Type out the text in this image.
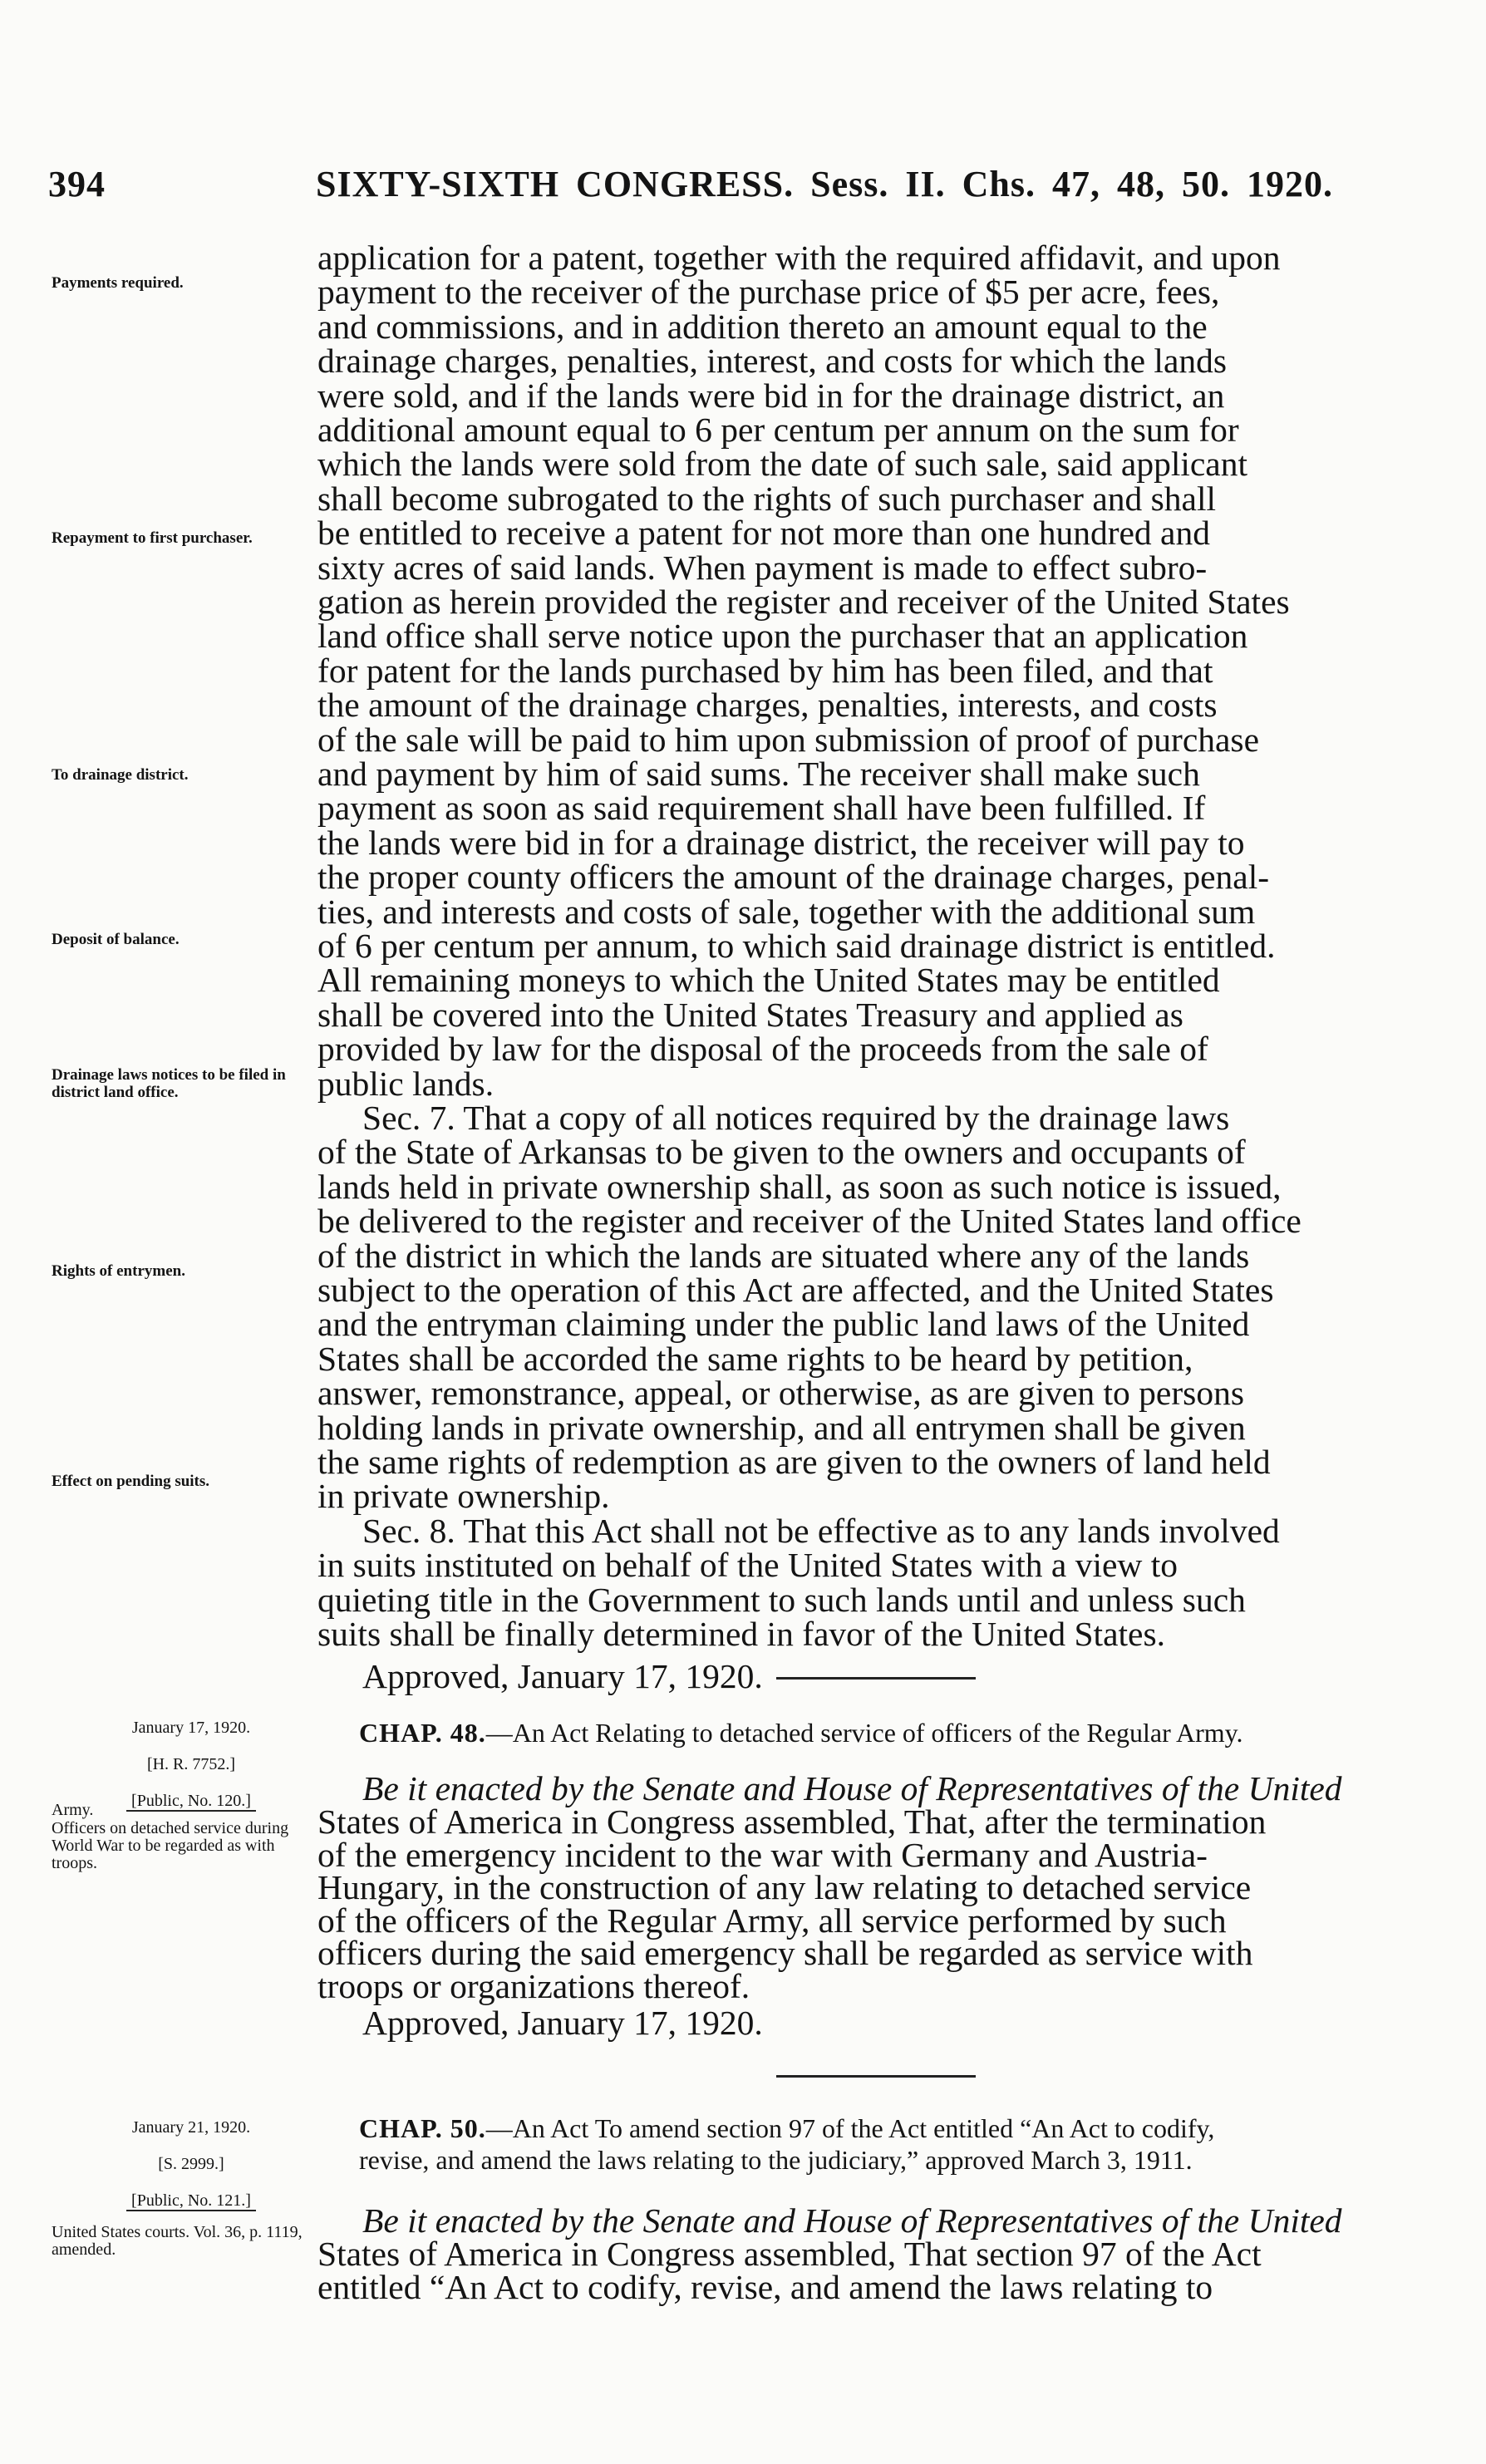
394	SIXTY-SIXTH CONGRESS. Sess. II. Chs. 47, 48, 50. 1920.
Payments required.
Repayment to first purchaser.
To drainage district.
Deposit of balance.
Drainage laws notices to be filed in district land office.
Rights of entrymen.
Effect on pending suits.
application for a patent, together with the required affidavit, and upon
payment to the receiver of the purchase price of $5 per acre, fees,
and commissions, and in addition thereto an amount equal to the
drainage charges, penalties, interest, and costs for which the lands
were sold, and if the lands were bid in for the drainage district, an
additional amount equal to 6 per centum per annum on the sum for
which the lands were sold from the date of such sale, said applicant
shall become subrogated to the rights of such purchaser and shall
be entitled to receive a patent for not more than one hundred and
sixty acres of said lands. When payment is made to effect subro-
gation as herein provided the register and receiver of the United States
land office shall serve notice upon the purchaser that an application
for patent for the lands purchased by him has been filed, and that
the amount of the drainage charges, penalties, interests, and costs
of the sale will be paid to him upon submission of proof of purchase
and payment by him of said sums. The receiver shall make such
payment as soon as said requirement shall have been fulfilled. If
the lands were bid in for a drainage district, the receiver will pay to
the proper county officers the amount of the drainage charges, penal-
ties, and interests and costs of sale, together with the additional sum
of 6 per centum per annum, to which said drainage district is entitled.
All remaining moneys to which the United States may be entitled
shall be covered into the United States Treasury and applied as
provided by law for the disposal of the proceeds from the sale of
public lands.
Sec. 7. That a copy of all notices required by the drainage laws
of the State of Arkansas to be given to the owners and occupants of
lands held in private ownership shall, as soon as such notice is issued,
be delivered to the register and receiver of the United States land office
of the district in which the lands are situated where any of the lands
subject to the operation of this Act are affected, and the United States
and the entryman claiming under the public land laws of the United
States shall be accorded the same rights to be heard by petition,
answer, remonstrance, appeal, or otherwise, as are given to persons
holding lands in private ownership, and all entrymen shall be given
the same rights of redemption as are given to the owners of land held
in private ownership.
Sec. 8. That this Act shall not be effective as to any lands involved
in suits instituted on behalf of the United States with a view to
quieting title in the Government to such lands until and unless such
suits shall be finally determined in favor of the United States.
Approved, January 17, 1920.

January 17, 1920.

[H. R. 7752.]

[Public, No. 120.]

CHAP. 48.—An Act Relating to detached service of officers of the Regular Army.
Army.
Officers on detached service during World War to be regarded as with troops.
Be it enacted by the Senate and House of Representatives of the United
States of America in Congress assembled, That, after the termination
of the emergency incident to the war with Germany and Austria-
Hungary, in the construction of any law relating to detached service
of the officers of the Regular Army, all service performed by such
officers during the said emergency shall be regarded as service with
troops or organizations thereof.
Approved, January 17, 1920.

January 21, 1920.

[S. 2999.]

[Public, No. 121.]

CHAP. 50.—An Act To amend section 97 of the Act entitled “An Act to codify,
revise, and amend the laws relating to the judiciary,” approved March 3, 1911.
United States courts. Vol. 36, p. 1119, amended.
Be it enacted by the Senate and House of Representatives of the United
States of America in Congress assembled, That section 97 of the Act
entitled “An Act to codify, revise, and amend the laws relating to
